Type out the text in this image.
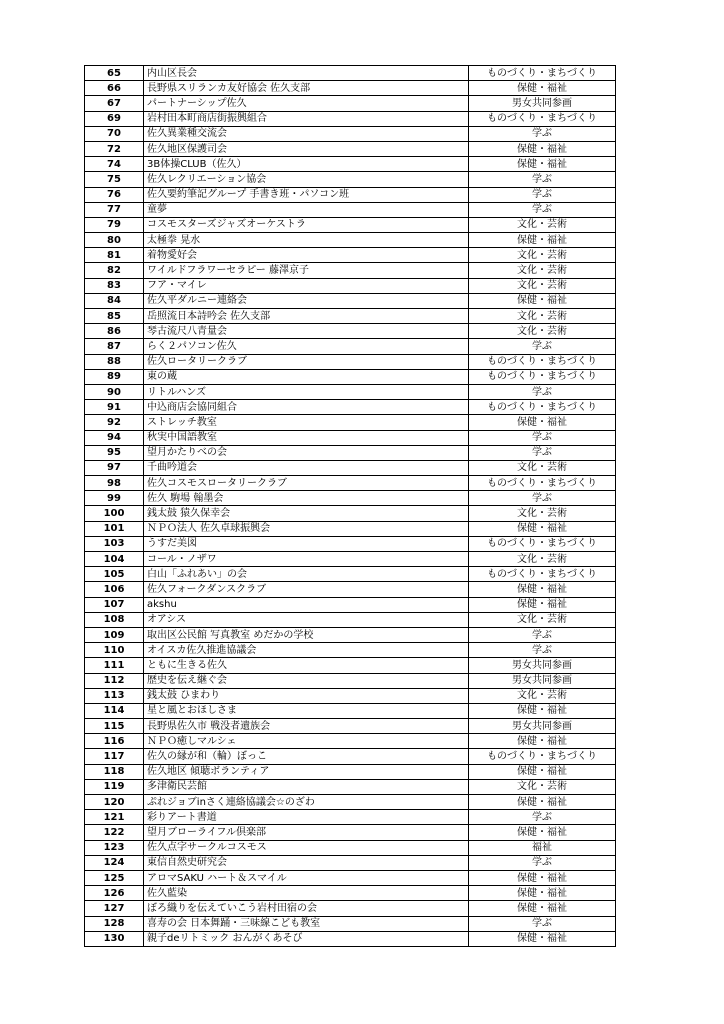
65	内山区長会	ものづくり・まちづくり
66	長野県スリランカ友好協会 佐久支部	保健・福祉
67	パートナーシップ佐久	男女共同参画
69	岩村田本町商店街振興組合	ものづくり・まちづくり
70	佐久異業種交流会	学ぶ
72	佐久地区保護司会	保健・福祉
74	3B体操CLUB（佐久）	保健・福祉
75	佐久レクリエーション協会	学ぶ
76	佐久要約筆記グループ 手書き班・パソコン班	学ぶ
77	童夢	学ぶ
79	コスモスターズジャズオーケストラ	文化・芸術
80	太極拳 晃水	保健・福祉
81	着物愛好会	文化・芸術
82	ワイルドフラワーセラピー 藤澤京子	文化・芸術
83	フア・マイレ	文化・芸術
84	佐久平ダルニー連絡会	保健・福祉
85	岳照流日本詩吟会 佐久支部	文化・芸術
86	琴古流尺八青量会	文化・芸術
87	らく２パソコン佐久	学ぶ
88	佐久ロータリークラブ	ものづくり・まちづくり
89	東の蔵	ものづくり・まちづくり
90	リトルハンズ	学ぶ
91	中込商店会協同組合	ものづくり・まちづくり
92	ストレッチ教室	保健・福祉
94	秋実中国語教室	学ぶ
95	望月かたりべの会	学ぶ
97	千曲吟道会	文化・芸術
98	佐久コスモスロータリークラブ	ものづくり・まちづくり
99	佐久 駒場 翰墨会	学ぶ
100	銭太鼓 猿久保幸会	文化・芸術
101	ＮＰＯ法人 佐久卓球振興会	保健・福祉
103	うすだ美図	ものづくり・まちづくり
104	コール・ノザワ	文化・芸術
105	白山「ふれあい」の会	ものづくり・まちづくり
106	佐久フォークダンスクラブ	保健・福祉
107	akshu	保健・福祉
108	オアシス	文化・芸術
109	取出区公民館 写真教室 めだかの学校	学ぶ
110	オイスカ佐久推進協議会	学ぶ
111	ともに生きる佐久	男女共同参画
112	歴史を伝え継ぐ会	男女共同参画
113	銭太鼓 ひまわり	文化・芸術
114	星と風とおほしさま	保健・福祉
115	長野県佐久市 戦没者遺族会	男女共同参画
116	ＮＰＯ癒しマルシェ	保健・福祉
117	佐久の縁が和（輪）ぼっこ	ものづくり・まちづくり
118	佐久地区 傾聴ボランティア	保健・福祉
119	多津衛民芸館	文化・芸術
120	ぷれジョブinさく連絡協議会☆のざわ	保健・福祉
121	彩りアート書道	学ぶ
122	望月ブローライフル倶楽部	保健・福祉
123	佐久点字サークルコスモス	福祉
124	東信自然史研究会	学ぶ
125	アロマSAKU ハート＆スマイル	保健・福祉
126	佐久藍染	保健・福祉
127	ぼろ織りを伝えていこう岩村田宿の会	保健・福祉
128	喜寿の会 日本舞踊・三味線こども教室	学ぶ
130	親子deリトミック おんがくあそび	保健・福祉
